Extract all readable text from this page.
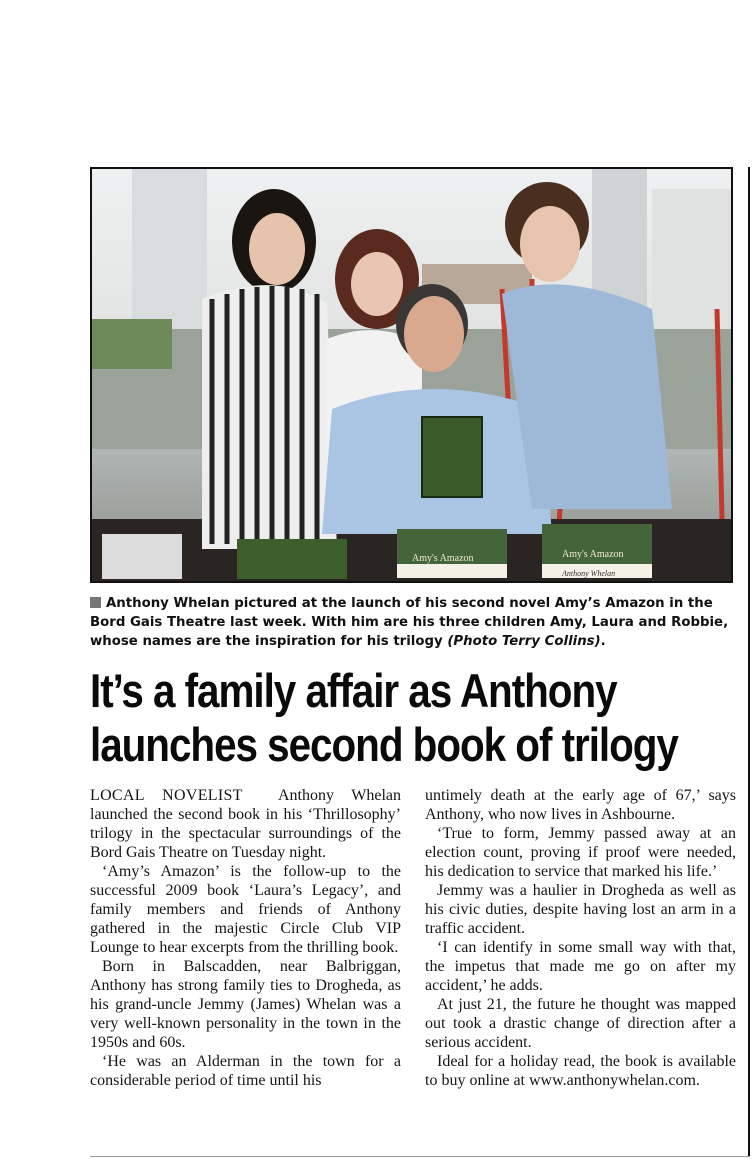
Amy's Amazon	Amy's Amazon
Anthony Whelan
Anthony Whelan pictured at the launch of his second novel Amy’s Amazon in the Bord Gais Theatre last week. With him are his three children Amy, Laura and Robbie, whose names are the inspiration for his trilogy (Photo Terry Collins).
It’s a family affair as Anthony
launches second book of trilogy

LOCAL NOVELIST Anthony Whelan launched the second book in his ‘Thrillosophy’ trilogy in the spectacular surroundings of the Bord Gais Theatre on Tuesday night.

‘Amy’s Amazon’ is the follow-up to the successful 2009 book ‘Laura’s Legacy’, and family members and friends of Anthony gathered in the majestic Circle Club VIP Lounge to hear excerpts from the thrilling book.

Born in Balscadden, near Balbriggan, Anthony has strong family ties to Drogheda, as his grand-uncle Jemmy (James) Whelan was a very well-known personality in the town in the 1950s and 60s.

‘He was an Alderman in the town for a considerable period of time until his

untimely death at the early age of 67,’ says Anthony, who now lives in Ashbourne.

‘True to form, Jemmy passed away at an election count, proving if proof were needed, his dedication to service that marked his life.’

Jemmy was a haulier in Drogheda as well as his civic duties, despite having lost an arm in a traffic accident.

‘I can identify in some small way with that, the impetus that made me go on after my accident,’ he adds.

At just 21, the future he thought was mapped out took a drastic change of direction after a serious accident.

Ideal for a holiday read, the book is available to buy online at www.anthonywhelan.com.
